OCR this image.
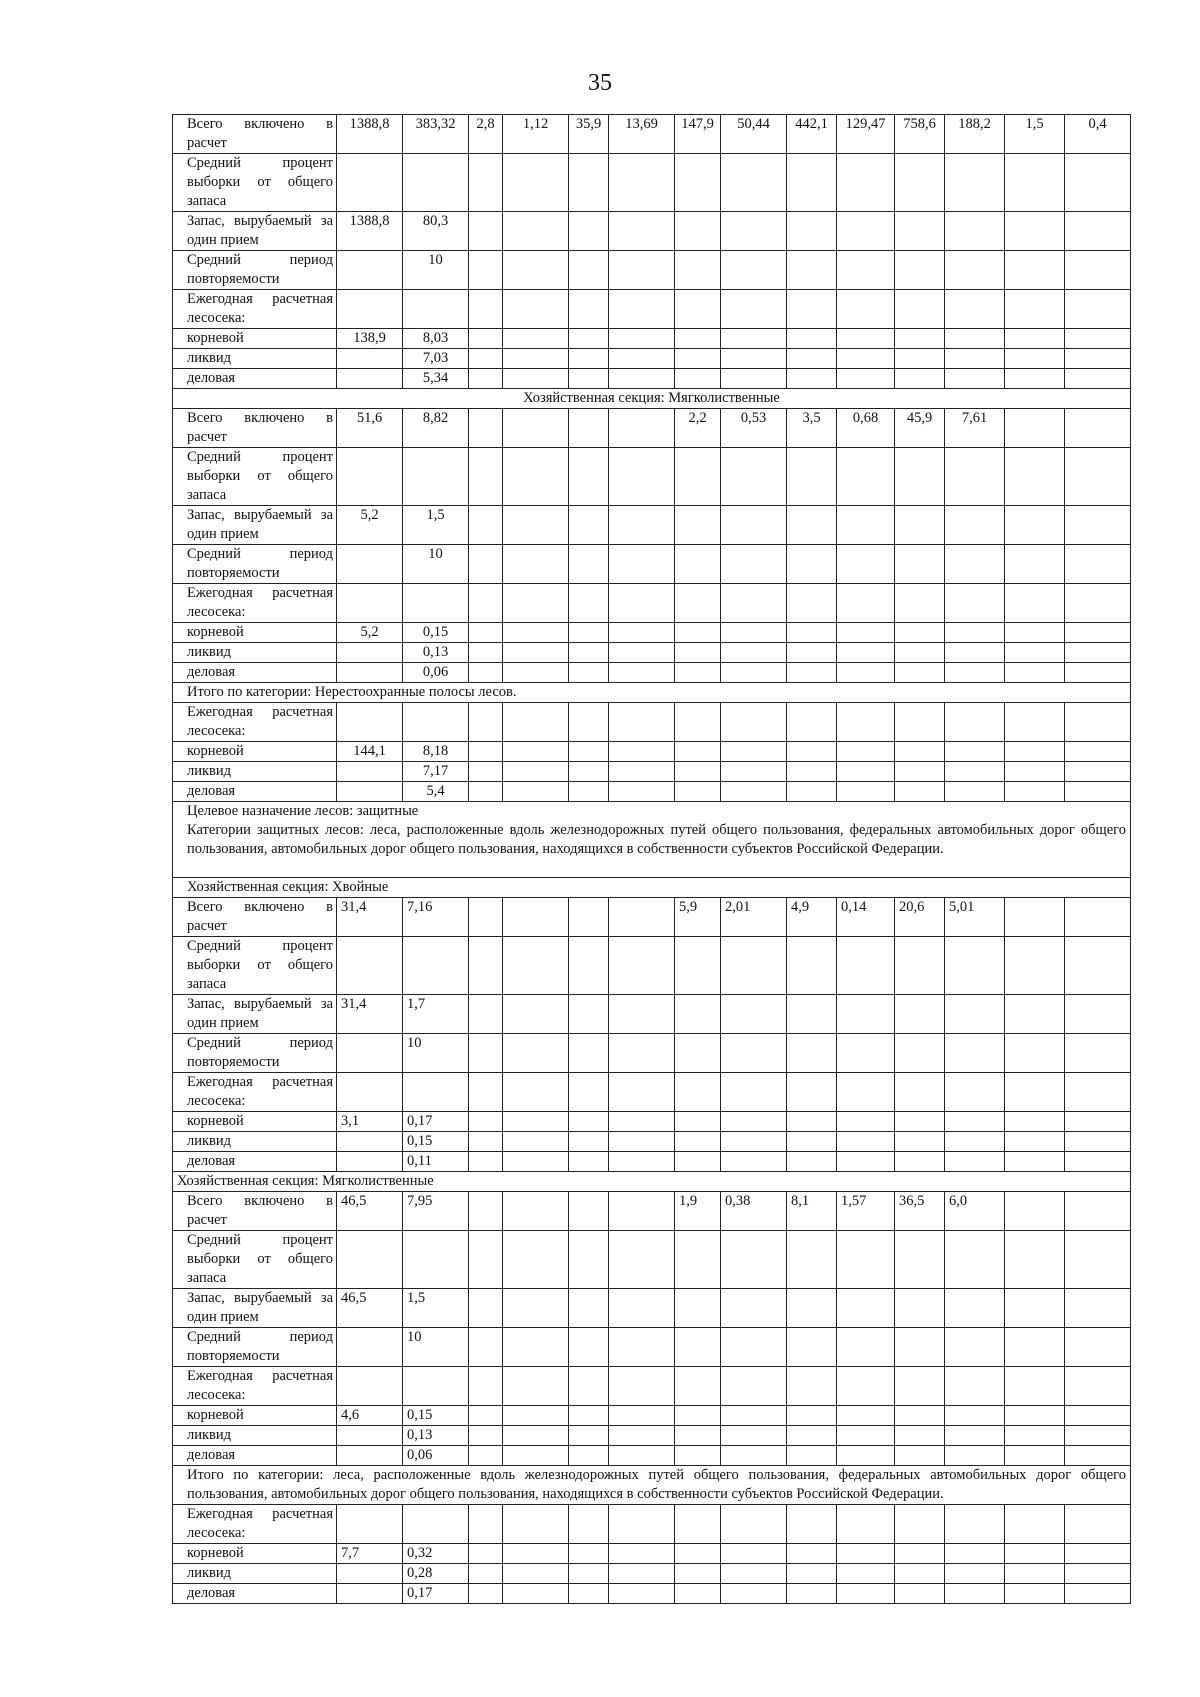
35
Всего включено в расчет	1388,8	383,32	2,8	1,12	35,9	13,69	147,9	50,44	442,1	129,47	758,6	188,2	1,5	0,4
Средний процент выборки от общего запаса														
Запас, вырубаемый за один прием	1388,8	80,3												
Средний период повторяемости		10												
Ежегодная расчетная лесосека:														
корневой	138,9	8,03												
ликвид		7,03												
деловая		5,34												
Хозяйственная секция: Мягколиственные														
Всего включено в расчет	51,6	8,82					2,2	0,53	3,5	0,68	45,9	7,61		
Средний процент выборки от общего запаса														
Запас, вырубаемый за один прием	5,2	1,5												
Средний период повторяемости		10												
Ежегодная расчетная лесосека:														
корневой	5,2	0,15												
ликвид		0,13												
деловая		0,06												
Итого по категории: Нерестоохранные полосы лесов.														
Ежегодная расчетная лесосека:														
корневой	144,1	8,18												
ликвид		7,17												
деловая		5,4												

Целевое назначение лесов: защитные
Категории защитных лесов: леса, расположенные вдоль железнодорожных путей общего пользования, федеральных автомобильных дорог общего пользования, автомобильных дорог общего пользования, находящихся в собственности субъектов Российской Федерации.														

Хозяйственная секция: Хвойные														
Всего включено в расчет	31,4	7,16					5,9	2,01	4,9	0,14	20,6	5,01		
Средний процент выборки от общего запаса														
Запас, вырубаемый за один прием	31,4	1,7												
Средний период повторяемости		10												
Ежегодная расчетная лесосека:														
корневой	3,1	0,17												
ликвид		0,15												
деловая		0,11												
Хозяйственная секция: Мягколиственные														
Всего включено в расчет	46,5	7,95					1,9	0,38	8,1	1,57	36,5	6,0		
Средний процент выборки от общего запаса														
Запас, вырубаемый за один прием	46,5	1,5												
Средний период повторяемости		10												
Ежегодная расчетная лесосека:														
корневой	4,6	0,15												
ликвид		0,13												
деловая		0,06												
Итого по категории: леса, расположенные вдоль железнодорожных путей общего пользования, федеральных автомобильных дорог общего пользования, автомобильных дорог общего пользования, находящихся в собственности субъектов Российской Федерации.														
Ежегодная расчетная лесосека:														
корневой	7,7	0,32												
ликвид		0,28												
деловая		0,17												
